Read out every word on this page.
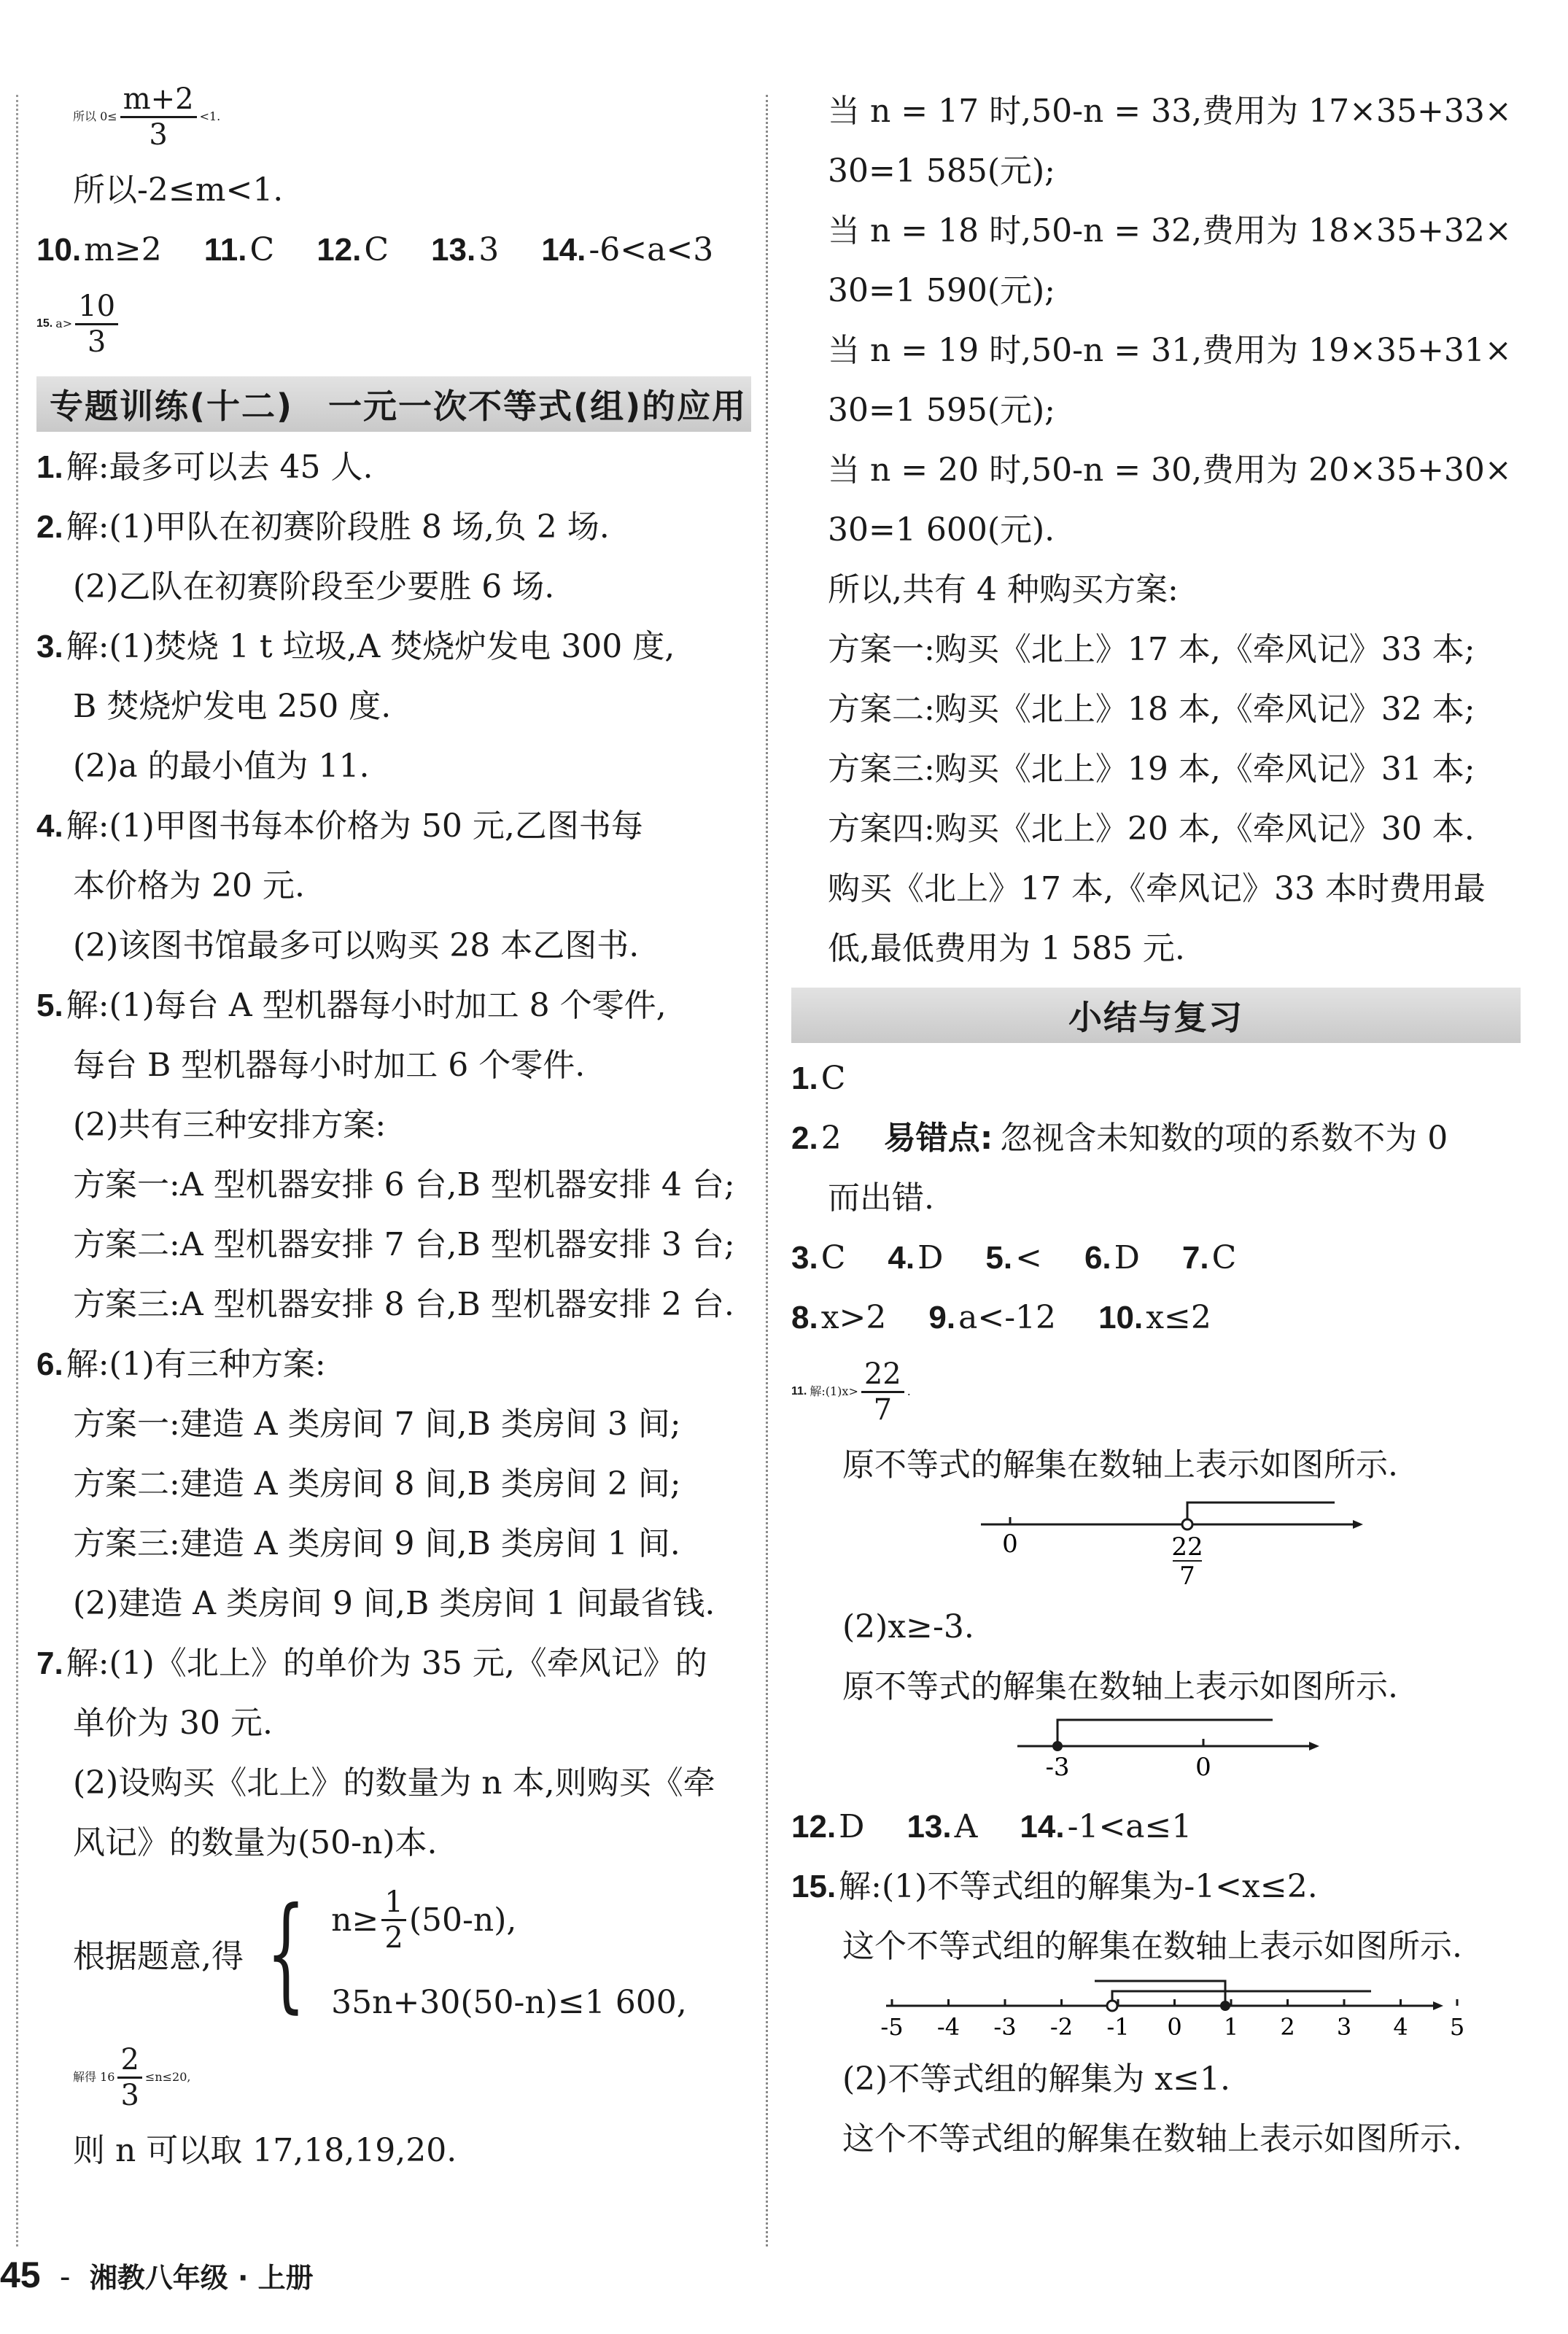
所以 $0\le \frac{m+2}{3} <1$.
所以-2≤m<1.
10.m≥2 11.C 12.C 13.3 14.-6<a<3
15. $a> \frac{10}{3}$
专题训练(十二)　一元一次不等式(组)的应用
1.解:最多可以去 45 人.
2.解:(1)甲队在初赛阶段胜 8 场,负 2 场.
(2)乙队在初赛阶段至少要胜 6 场.
3.解:(1)焚烧 1 t 垃圾,A 焚烧炉发电 300 度,
B 焚烧炉发电 250 度.
(2)a 的最小值为 11.
4.解:(1)甲图书每本价格为 50 元,乙图书每
本价格为 20 元.
(2)该图书馆最多可以购买 28 本乙图书.
5.解:(1)每台 A 型机器每小时加工 8 个零件,
每台 B 型机器每小时加工 6 个零件.
(2)共有三种安排方案:
方案一:A 型机器安排 6 台,B 型机器安排 4 台;
方案二:A 型机器安排 7 台,B 型机器安排 3 台;
方案三:A 型机器安排 8 台,B 型机器安排 2 台.
6.解:(1)有三种方案:
方案一:建造 A 类房间 7 间,B 类房间 3 间;
方案二:建造 A 类房间 8 间,B 类房间 2 间;
方案三:建造 A 类房间 9 间,B 类房间 1 间.
(2)建造 A 类房间 9 间,B 类房间 1 间最省钱.
7.解:(1)《北上》的单价为 35 元,《牵风记》的
单价为 30 元.
(2)设购买《北上》的数量为 n 本,则购买《牵
风记》的数量为(50-n)本.
根据题意,得 { $n\ge \frac{1}{2} (50-n)$,
35n+30(50-n)≤1 600,
解得 $16 \frac{2}{3} \le n\le 20$,
则 n 可以取 17,18,19,20.
当 n = 17 时,50-n = 33,费用为 17×35+33×
30=1 585(元);
当 n = 18 时,50-n = 32,费用为 18×35+32×
30=1 590(元);
当 n = 19 时,50-n = 31,费用为 19×35+31×
30=1 595(元);
当 n = 20 时,50-n = 30,费用为 20×35+30×
30=1 600(元).
所以,共有 4 种购买方案:
方案一:购买《北上》17 本,《牵风记》33 本;
方案二:购买《北上》18 本,《牵风记》32 本;
方案三:购买《北上》19 本,《牵风记》31 本;
方案四:购买《北上》20 本,《牵风记》30 本.
购买《北上》17 本,《牵风记》33 本时费用最
低,最低费用为 1 585 元.
小结与复习
1.C
2.2 易错点: 忽视含未知数的项的系数不为 0
而出错.
3.C 4.D 5.< 6.D 7.C
8.x>2 9.a<-12 10.x≤2
11. 解:(1)x> $\frac{22}{7}$ .
原不等式的解集在数轴上表示如图所示.
0	22
7
(2)x≥-3.
原不等式的解集在数轴上表示如图所示.
-3	0
12.D 13.A 14.-1<a≤1
15.解:(1)不等式组的解集为-1<x≤2.
这个不等式组的解集在数轴上表示如图所示.
-5 -4 -3 -2 -1 0 1 2 3 4 5
(2)不等式组的解集为 x≤1.
这个不等式组的解集在数轴上表示如图所示.
45 - 湘教八年级 · 上册
